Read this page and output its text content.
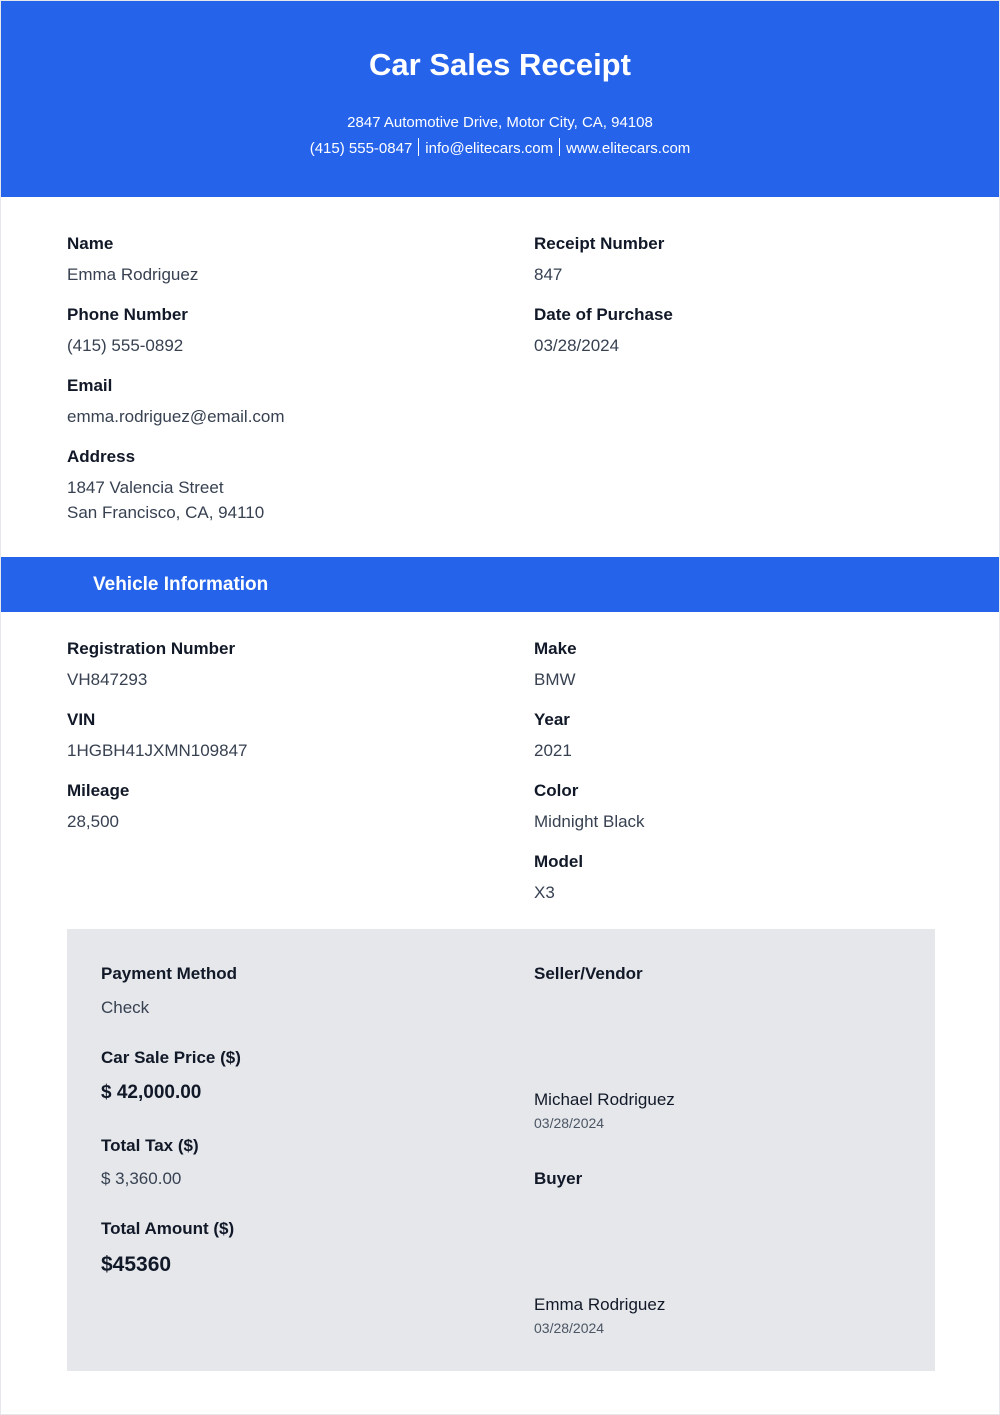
Car Sales Receipt
2847 Automotive Drive, Motor City, CA, 94108
(415) 555-0847 info@elitecars.com www.elitecars.com
Name
Emma Rodriguez
Phone Number
(415) 555-0892
Email
emma.rodriguez@email.com
Address
1847 Valencia Street
San Francisco, CA, 94110
Receipt Number
847
Date of Purchase
03/28/2024
Vehicle Information
Registration Number
VH847293
VIN
1HGBH41JXMN109847
Mileage
28,500
Make
BMW
Year
2021
Color
Midnight Black
Model
X3
Payment Method
Check
Car Sale Price ($)
$ 42,000.00
Total Tax ($)
$ 3,360.00
Total Amount ($)
$45360
Seller/Vendor
Michael Rodriguez
03/28/2024
Buyer
Emma Rodriguez
03/28/2024
